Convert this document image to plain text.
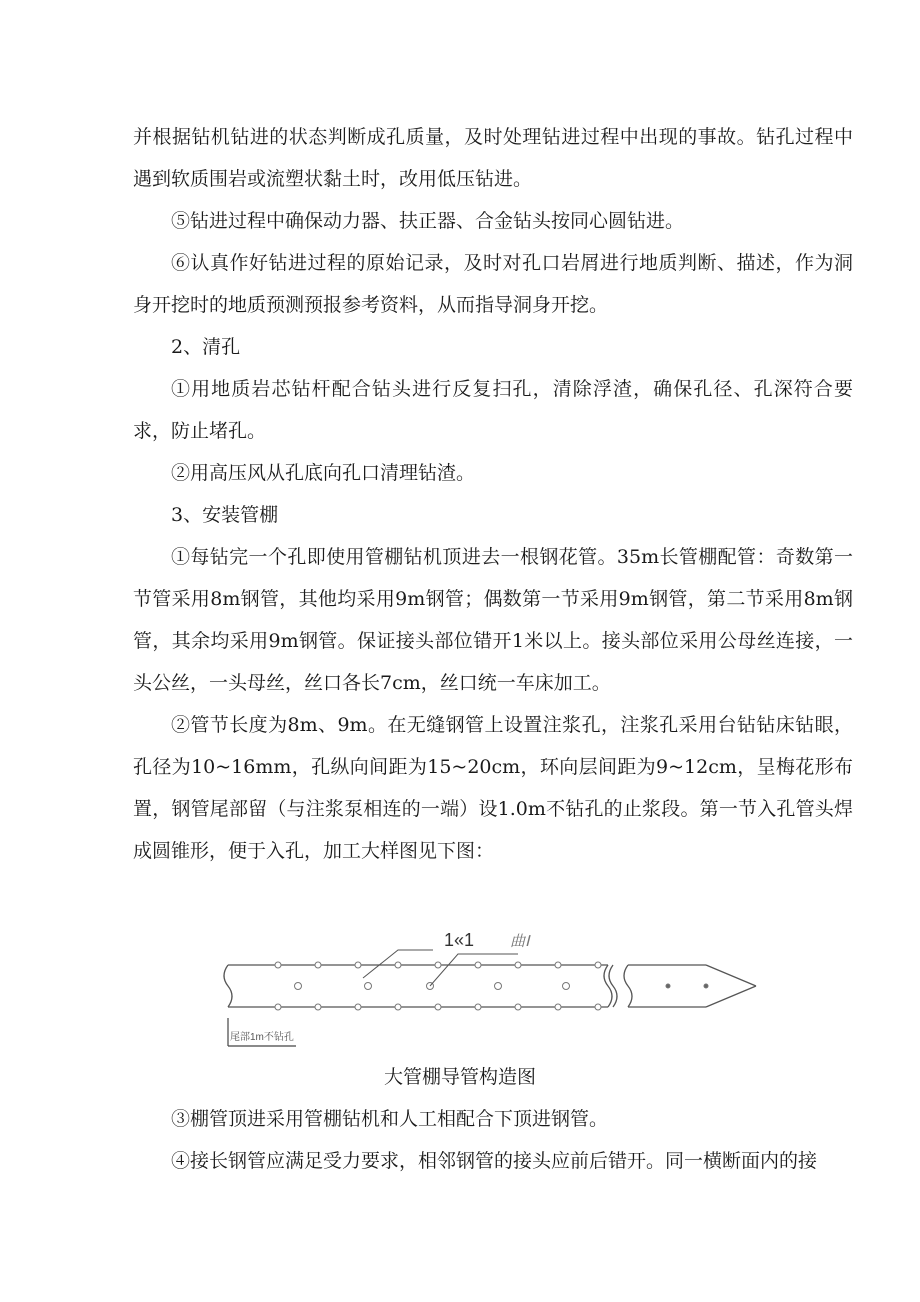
并根据钻机钻进的状态判断成孔质量，及时处理钻进过程中出现的事故。钻孔过程中遇到软质围岩或流塑状黏土时，改用低压钻进。

⑤钻进过程中确保动力器、扶正器、合金钻头按同心圆钻进。

⑥认真作好钻进过程的原始记录，及时对孔口岩屑进行地质判断、描述，作为洞身开挖时的地质预测预报参考资料，从而指导洞身开挖。

2、清孔

①用地质岩芯钻杆配合钻头进行反复扫孔，清除浮渣，确保孔径、孔深符合要求，防止堵孔。

②用高压风从孔底向孔口清理钻渣。

3、安装管棚

①每钻完一个孔即使用管棚钻机顶进去一根钢花管。35m长管棚配管：奇数第一节管采用8m钢管，其他均采用9m钢管；偶数第一节采用9m钢管，第二节采用8m钢管，其余均采用9m钢管。保证接头部位错开1米以上。接头部位采用公母丝连接，一头公丝，一头母丝，丝口各长7cm，丝口统一车床加工。

②管节长度为8m、9m。在无缝钢管上设置注浆孔，注浆孔采用台钻钻床钻眼，孔径为10~16mm，孔纵向间距为15~20cm，环向层间距为9~12cm，呈梅花形布置，钢管尾部留（与注浆泵相连的一端）设1.0m不钻孔的止浆段。第一节入孔管头焊成圆锥形，便于入孔，加工大样图见下图：

1«1 曲Ⅰ
尾部1m不钻孔
大管棚导管构造图

③棚管顶进采用管棚钻机和人工相配合下顶进钢管。

④接长钢管应满足受力要求，相邻钢管的接头应前后错开。同一横断面内的接
